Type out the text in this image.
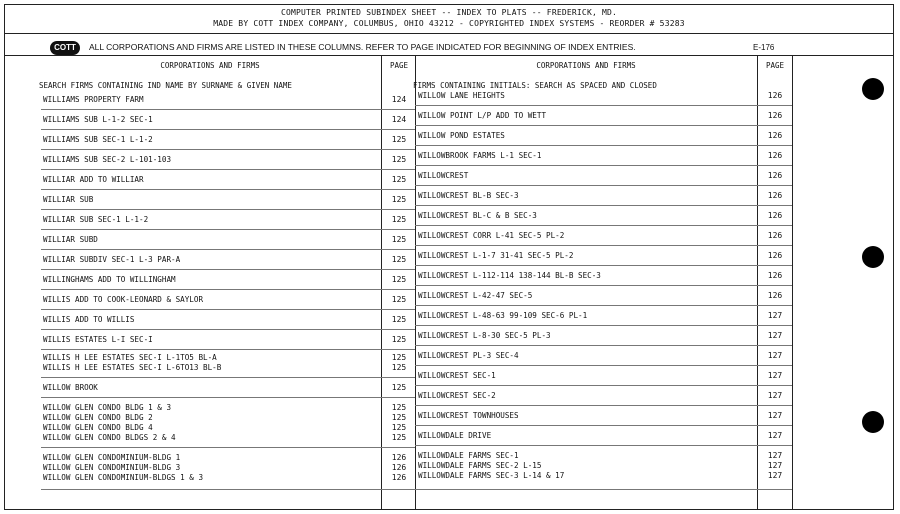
COMPUTER PRINTED SUBINDEX SHEET -- INDEX TO PLATS -- FREDERICK, MD.
MADE BY COTT INDEX COMPANY, COLUMBUS, OHIO 43212 - COPYRIGHTED INDEX SYSTEMS - REORDER # 53283
COTT	ALL CORPORATIONS AND FIRMS ARE LISTED IN THESE COLUMNS. REFER TO PAGE INDICATED FOR BEGINNING OF INDEX ENTRIES.	E-176
CORPORATIONS AND FIRMS	PAGE	CORPORATIONS AND FIRMS	PAGE
SEARCH FIRMS CONTAINING IND NAME BY SURNAME & GIVEN NAME	FIRMS CONTAINING INITIALS: SEARCH AS SPACED AND CLOSED
WILLIAMS PROPERTY FARM	124
WILLIAMS SUB L-1-2 SEC-1	124
WILLIAMS SUB SEC-1 L-1-2	125
WILLIAMS SUB SEC-2 L-101-103	125
WILLIAR ADD TO WILLIAR	125
WILLIAR SUB	125
WILLIAR SUB SEC-1 L-1-2	125
WILLIAR SUBD	125
WILLIAR SUBDIV SEC-1 L-3 PAR-A	125
WILLINGHAMS ADD TO WILLINGHAM	125
WILLIS ADD TO COOK-LEONARD & SAYLOR	125
WILLIS ADD TO WILLIS	125
WILLIS ESTATES L-I SEC-I	125
WILLIS H LEE ESTATES SEC-I L-1TO5 BL-A	125
WILLIS H LEE ESTATES SEC-I L-6TO13 BL-B	125
WILLOW BROOK	125
WILLOW GLEN CONDO BLDG 1 & 3	125
WILLOW GLEN CONDO BLDG 2	125
WILLOW GLEN CONDO BLDG 4	125
WILLOW GLEN CONDO BLDGS 2 & 4	125
WILLOW GLEN CONDOMINIUM-BLDG 1	126
WILLOW GLEN CONDOMINIUM-BLDG 3	126
WILLOW GLEN CONDOMINIUM-BLDGS 1 & 3	126
WILLOW LANE HEIGHTS	126
WILLOW POINT L/P ADD TO WETT	126
WILLOW POND ESTATES	126
WILLOWBROOK FARMS L-1 SEC-1	126
WILLOWCREST	126
WILLOWCREST BL-B SEC-3	126
WILLOWCREST BL-C & B SEC-3	126
WILLOWCREST CORR L-41 SEC-5 PL-2	126
WILLOWCREST L-1-7 31-41 SEC-5 PL-2	126
WILLOWCREST L-112-114 138-144 BL-B SEC-3	126
WILLOWCREST L-42-47 SEC-5	126
WILLOWCREST L-48-63 99-109 SEC-6 PL-1	127
WILLOWCREST L-8-30 SEC-5 PL-3	127
WILLOWCREST PL-3 SEC-4	127
WILLOWCREST SEC-1	127
WILLOWCREST SEC-2	127
WILLOWCREST TOWNHOUSES	127
WILLOWDALE DRIVE	127
WILLOWDALE FARMS SEC-1	127
WILLOWDALE FARMS SEC-2 L-15	127
WILLOWDALE FARMS SEC-3 L-14 & 17	127
